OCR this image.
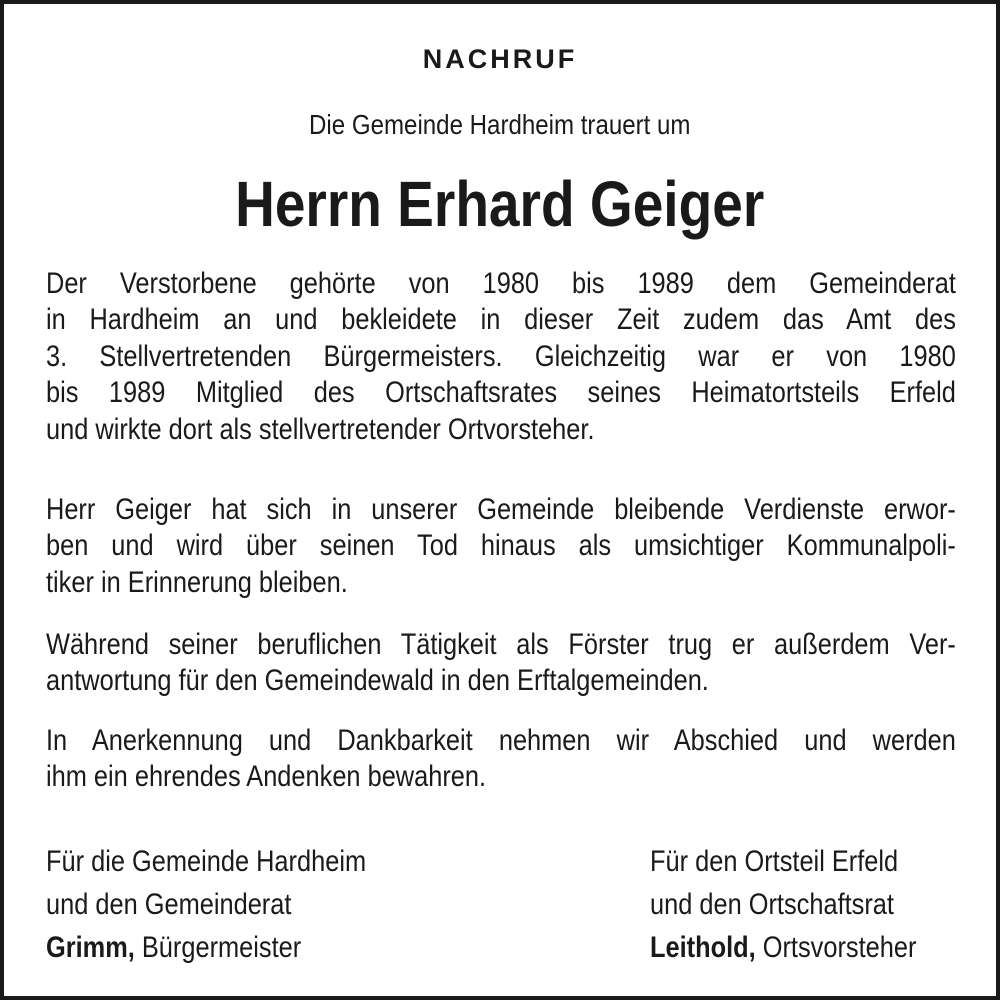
NACHRUF
Die Gemeinde Hardheim trauert um
Herrn Erhard Geiger
Der Verstorbene gehörte von 1980 bis 1989 dem Gemeinderat
in Hardheim an und bekleidete in dieser Zeit zudem das Amt des
3. Stellvertretenden Bürgermeisters. Gleichzeitig war er von 1980
bis 1989 Mitglied des Ortschaftsrates seines Heimatortsteils Erfeld
und wirkte dort als stellvertretender Ortvorsteher.
Herr Geiger hat sich in unserer Gemeinde bleibende Verdienste erwor-
ben und wird über seinen Tod hinaus als umsichtiger Kommunalpoli-
tiker in Erinnerung bleiben.
Während seiner beruflichen Tätigkeit als Förster trug er außerdem Ver-
antwortung für den Gemeindewald in den Erftalgemeinden.
In Anerkennung und Dankbarkeit nehmen wir Abschied und werden
ihm ein ehrendes Andenken bewahren.
Für die Gemeinde Hardheim
und den Gemeinderat
Grimm, Bürgermeister
Für den Ortsteil Erfeld
und den Ortschaftsrat
Leithold, Ortsvorsteher
